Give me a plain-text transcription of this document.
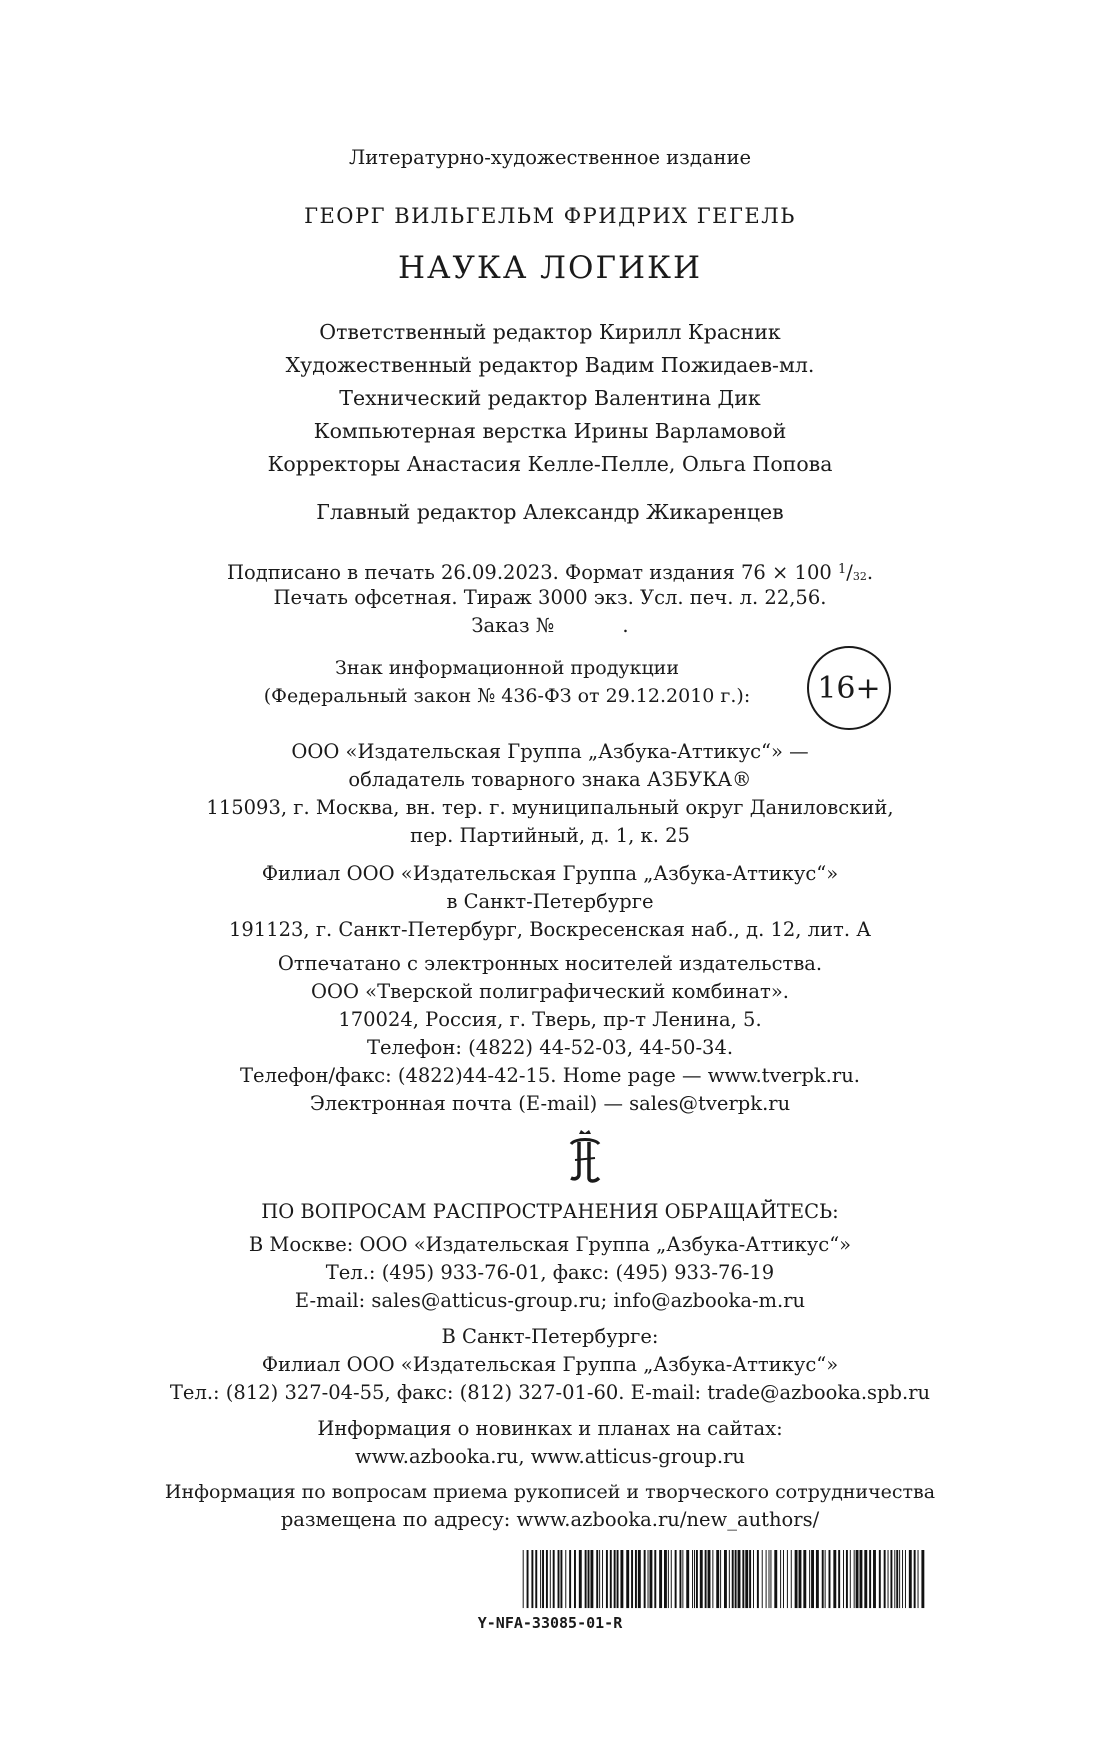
Литературно-художественное издание
ГЕОРГ ВИЛЬГЕЛЬМ ФРИДРИХ ГЕГЕЛЬ
НАУКА ЛОГИКИ
Ответственный редактор Кирилл Красник
Художественный редактор Вадим Пожидаев-мл.
Технический редактор Валентина Дик
Компьютерная верстка Ирины Варламовой
Корректоры Анастасия Келле-Пелле, Ольга Попова
Главный редактор Александр Жикаренцев
Подписано в печать 26.09.2023. Формат издания 76 × 100 $^1$/32.
Печать офсетная. Тираж 3000 экз. Усл. печ. л. 22,56.
Заказ №	.
Знак информационной продукции
(Федеральный закон № 436-ФЗ от 29.12.2010 г.):	16+
ООО «Издательская Группа „Азбука-Аттикус“» —
обладатель товарного знака АЗБУКА®
115093, г. Москва, вн. тер. г. муниципальный округ Даниловский,
пер. Партийный, д. 1, к. 25
Филиал ООО «Издательская Группа „Азбука-Аттикус“»
в Санкт-Петербурге
191123, г. Санкт-Петербург, Воскресенская наб., д. 12, лит. А
Отпечатано с электронных носителей издательства.
ООО «Тверской полиграфический комбинат».
170024, Россия, г. Тверь, пр-т Ленина, 5.
Телефон: (4822) 44-52-03, 44-50-34.
Телефон/факс: (4822)44-42-15. Home page — www.tverpk.ru.
Электронная почта (E-mail) — sales@tverpk.ru
ПО ВОПРОСАМ РАСПРОСТРАНЕНИЯ ОБРАЩАЙТЕСЬ:
В Москве: ООО «Издательская Группа „Азбука-Аттикус“»
Тел.: (495) 933-76-01, факс: (495) 933-76-19
E-mail: sales@atticus-group.ru; info@azbooka-m.ru
В Санкт-Петербурге:
Филиал ООО «Издательская Группа „Азбука-Аттикус“»
Тел.: (812) 327-04-55, факс: (812) 327-01-60. E-mail: trade@azbooka.spb.ru
Информация о новинках и планах на сайтах:
www.azbooka.ru, www.atticus-group.ru
Информация по вопросам приема рукописей и творческого сотрудничества
размещена по адресу: www.azbooka.ru/new_authors/
Y-NFA-33085-01-R
